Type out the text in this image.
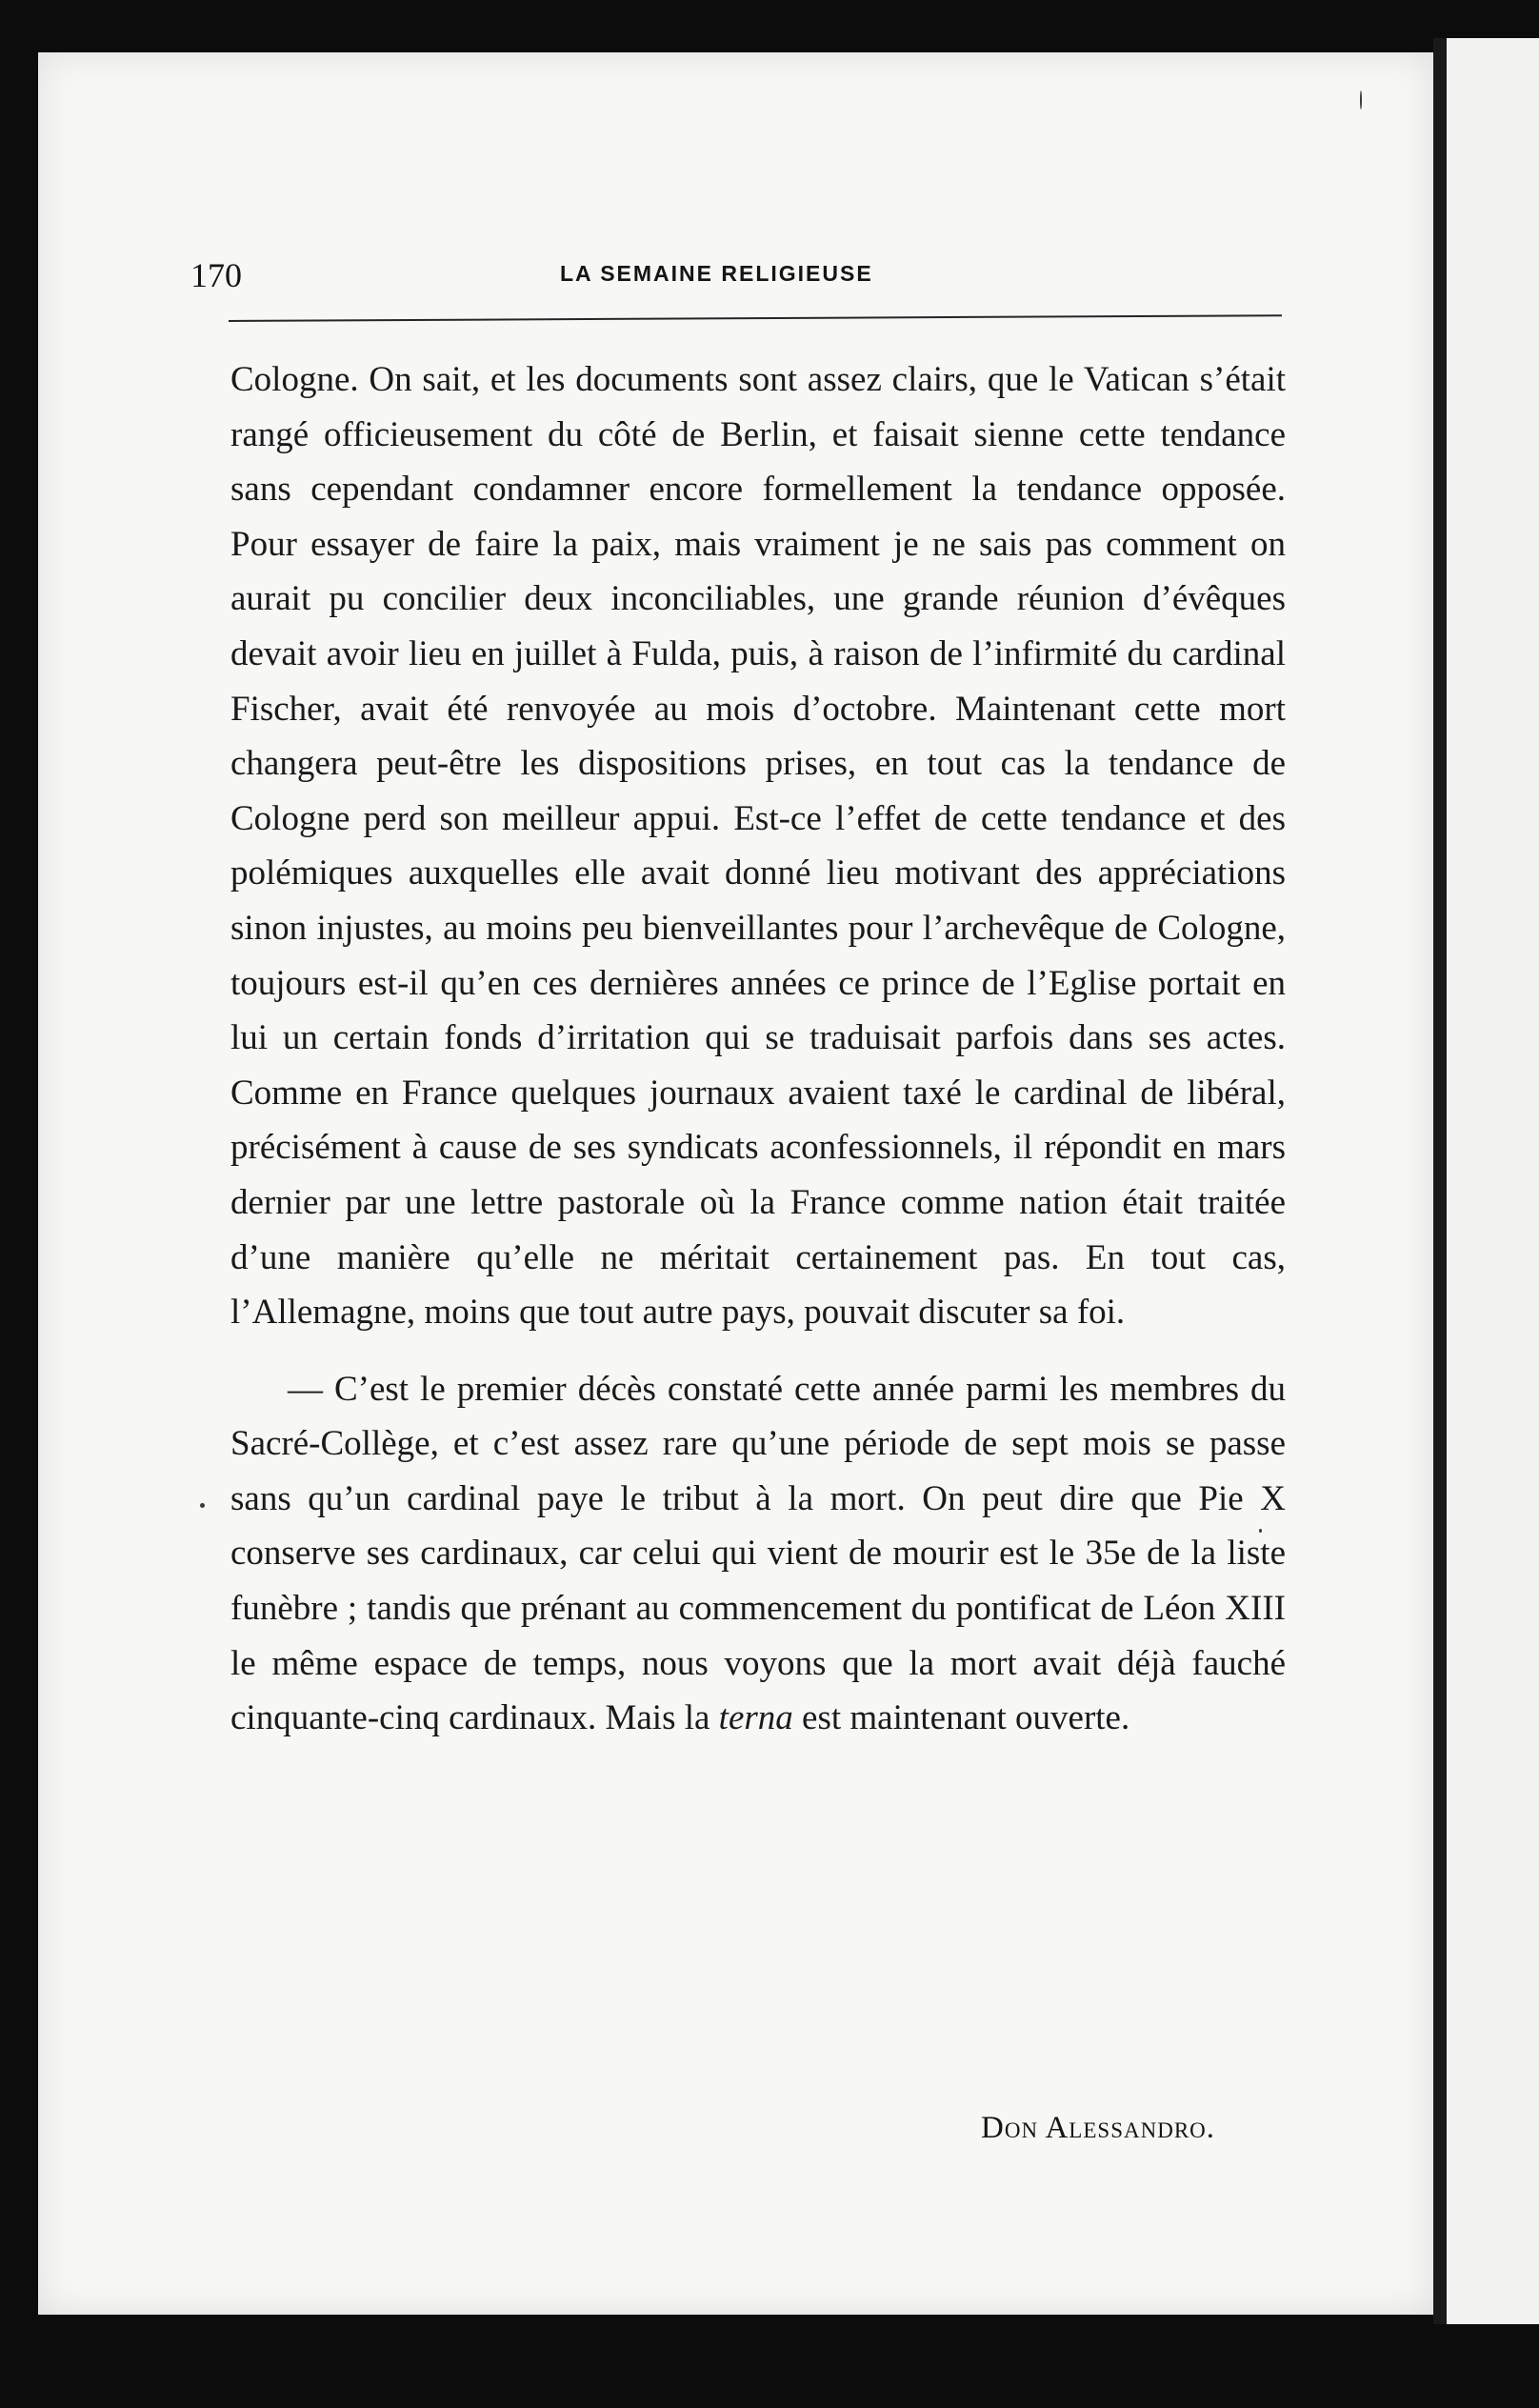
170	LA SEMAINE RELIGIEUSE

Cologne. On sait, et les documents sont assez clairs, que le Vatican s’était rangé officieusement du côté de Berlin, et faisait sienne cette tendance sans cependant condamner encore formellement la tendance opposée. Pour essayer de faire la paix, mais vraiment je ne sais pas comment on aurait pu concilier deux inconciliables, une grande réunion d’évêques devait avoir lieu en juillet à Fulda, puis, à raison de l’infirmité du cardinal Fischer, avait été renvoyée au mois d’octobre. Maintenant cette mort changera peut-être les dispositions prises, en tout cas la tendance de Cologne perd son meilleur appui. Est-ce l’effet de cette tendance et des polémiques auxquelles elle avait donné lieu motivant des appréciations sinon injustes, au moins peu bienveillantes pour l’archevêque de Cologne, toujours est-il qu’en ces dernières années ce prince de l’Eglise portait en lui un certain fonds d’irritation qui se traduisait parfois dans ses actes. Comme en France quelques journaux avaient taxé le cardinal de libéral, précisément à cause de ses syndicats aconfessionnels, il répondit en mars dernier par une lettre pastorale où la France comme nation était traitée d’une manière qu’elle ne méritait certainement pas. En tout cas, l’Allemagne, moins que tout autre pays, pouvait discuter sa foi.

— C’est le premier décès constaté cette année parmi les membres du Sacré-Collège, et c’est assez rare qu’une période de sept mois se passe sans qu’un cardinal paye le tribut à la mort. On peut dire que Pie X conserve ses cardinaux, car celui qui vient de mourir est le 35e de la liste funèbre ; tandis que prénant au commencement du pontificat de Léon XIII le même espace de temps, nous voyons que la mort avait déjà fauché cinquante-cinq cardinaux. Mais la terna est maintenant ouverte.

Don Alessandro.
